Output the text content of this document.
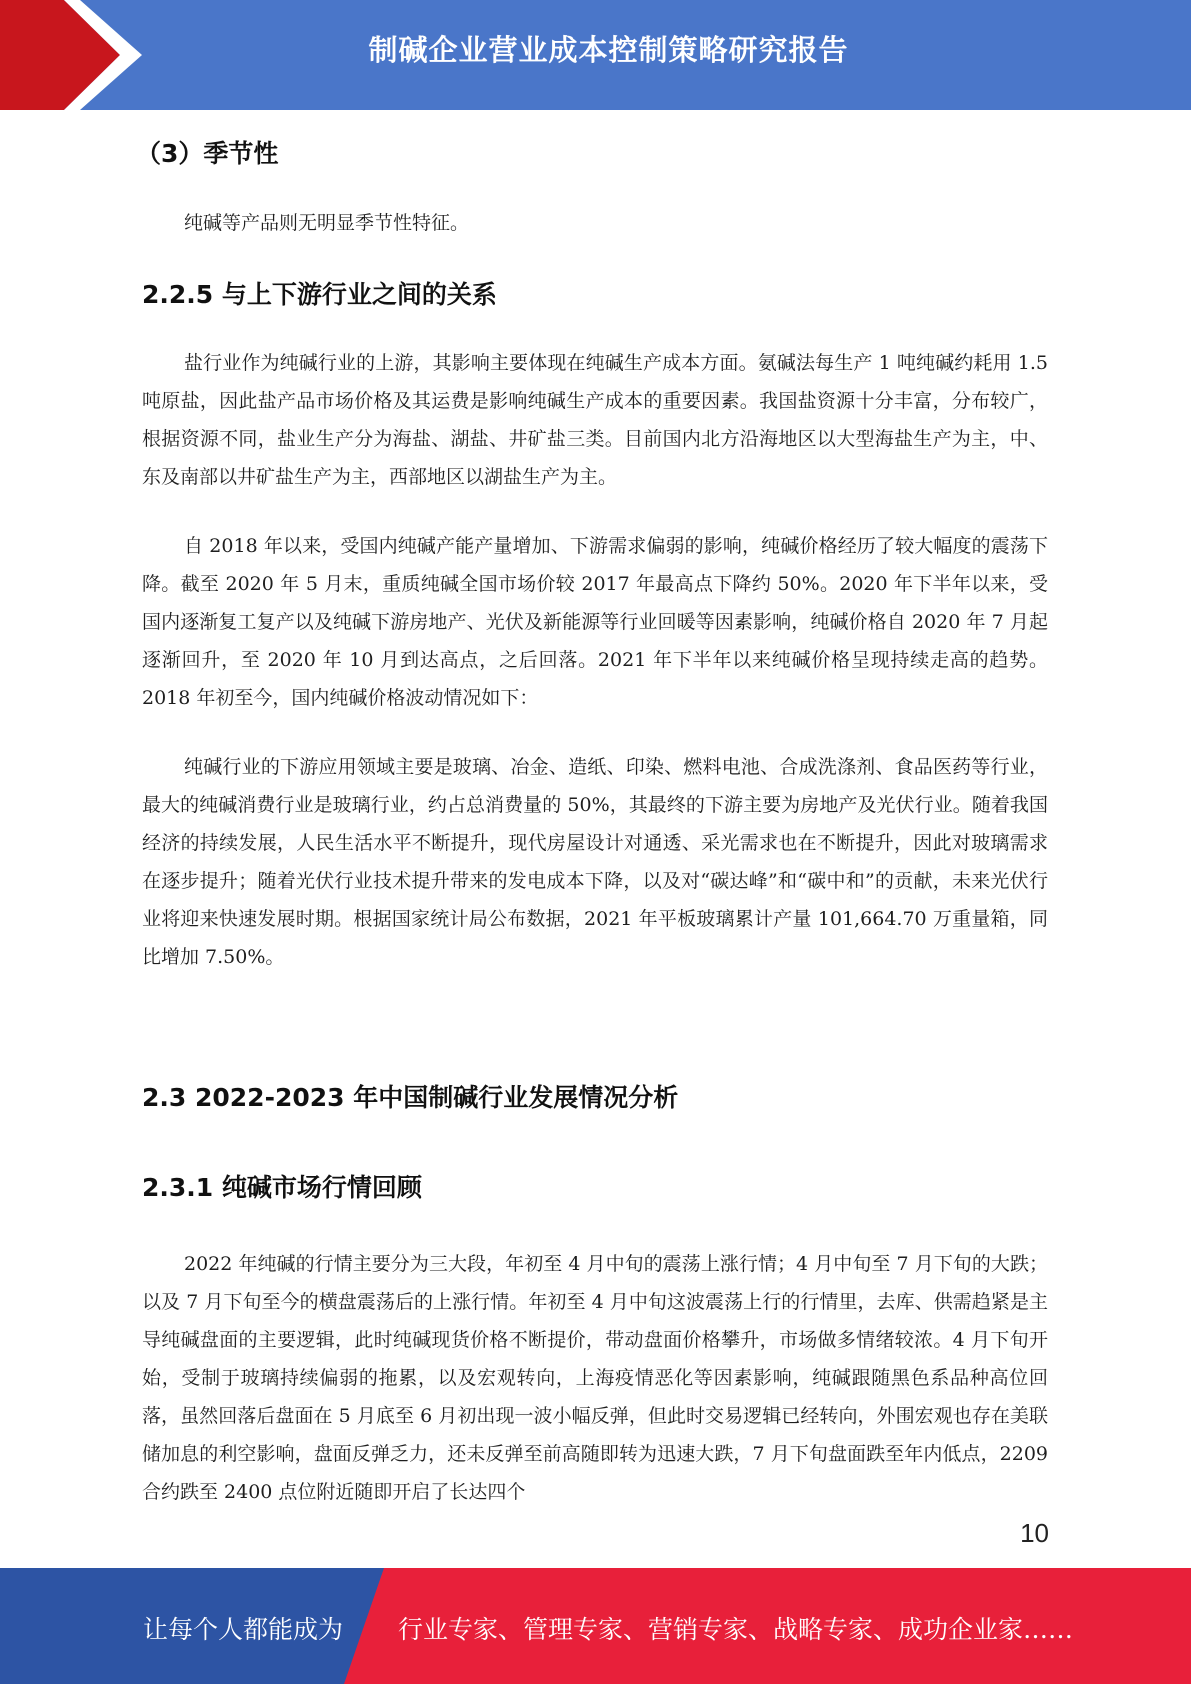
制碱企业营业成本控制策略研究报告
（3）季节性

纯碱等产品则无明显季节性特征。

2.2.5 与上下游行业之间的关系

盐行业作为纯碱行业的上游，其影响主要体现在纯碱生产成本方面。氨碱法每生产 1 吨纯碱约耗用 1.5 吨原盐，因此盐产品市场价格及其运费是影响纯碱生产成本的重要因素。我国盐资源十分丰富，分布较广，根据资源不同，盐业生产分为海盐、湖盐、井矿盐三类。目前国内北方沿海地区以大型海盐生产为主，中、东及南部以井矿盐生产为主，西部地区以湖盐生产为主。

自 2018 年以来，受国内纯碱产能产量增加、下游需求偏弱的影响，纯碱价格经历了较大幅度的震荡下降。截至 2020 年 5 月末，重质纯碱全国市场价较 2017 年最高点下降约 50%。2020 年下半年以来，受国内逐渐复工复产以及纯碱下游房地产、光伏及新能源等行业回暖等因素影响，纯碱价格自 2020 年 7 月起逐渐回升，至 2020 年 10 月到达高点，之后回落。2021 年下半年以来纯碱价格呈现持续走高的趋势。2018 年初至今，国内纯碱价格波动情况如下：

纯碱行业的下游应用领域主要是玻璃、冶金、造纸、印染、燃料电池、合成洗涤剂、食品医药等行业，最大的纯碱消费行业是玻璃行业，约占总消费量的 50%，其最终的下游主要为房地产及光伏行业。随着我国经济的持续发展，人民生活水平不断提升，现代房屋设计对通透、采光需求也在不断提升，因此对玻璃需求在逐步提升；随着光伏行业技术提升带来的发电成本下降，以及对“碳达峰”和“碳中和”的贡献，未来光伏行业将迎来快速发展时期。根据国家统计局公布数据，2021 年平板玻璃累计产量 101,664.70 万重量箱，同比增加 7.50%。

2.3 2022-2023 年中国制碱行业发展情况分析
2.3.1 纯碱市场行情回顾

2022 年纯碱的行情主要分为三大段，年初至 4 月中旬的震荡上涨行情；4 月中旬至 7 月下旬的大跌；以及 7 月下旬至今的横盘震荡后的上涨行情。年初至 4 月中旬这波震荡上行的行情里，去库、供需趋紧是主导纯碱盘面的主要逻辑，此时纯碱现货价格不断提价，带动盘面价格攀升，市场做多情绪较浓。4 月下旬开始，受制于玻璃持续偏弱的拖累，以及宏观转向，上海疫情恶化等因素影响，纯碱跟随黑色系品种高位回落，虽然回落后盘面在 5 月底至 6 月初出现一波小幅反弹，但此时交易逻辑已经转向，外围宏观也存在美联储加息的利空影响，盘面反弹乏力，还未反弹至前高随即转为迅速大跌，7 月下旬盘面跌至年内低点，2209 合约跌至 2400 点位附近随即开启了长达四个

10
让每个人都能成为 行业专家、管理专家、营销专家、战略专家、成功企业家……
